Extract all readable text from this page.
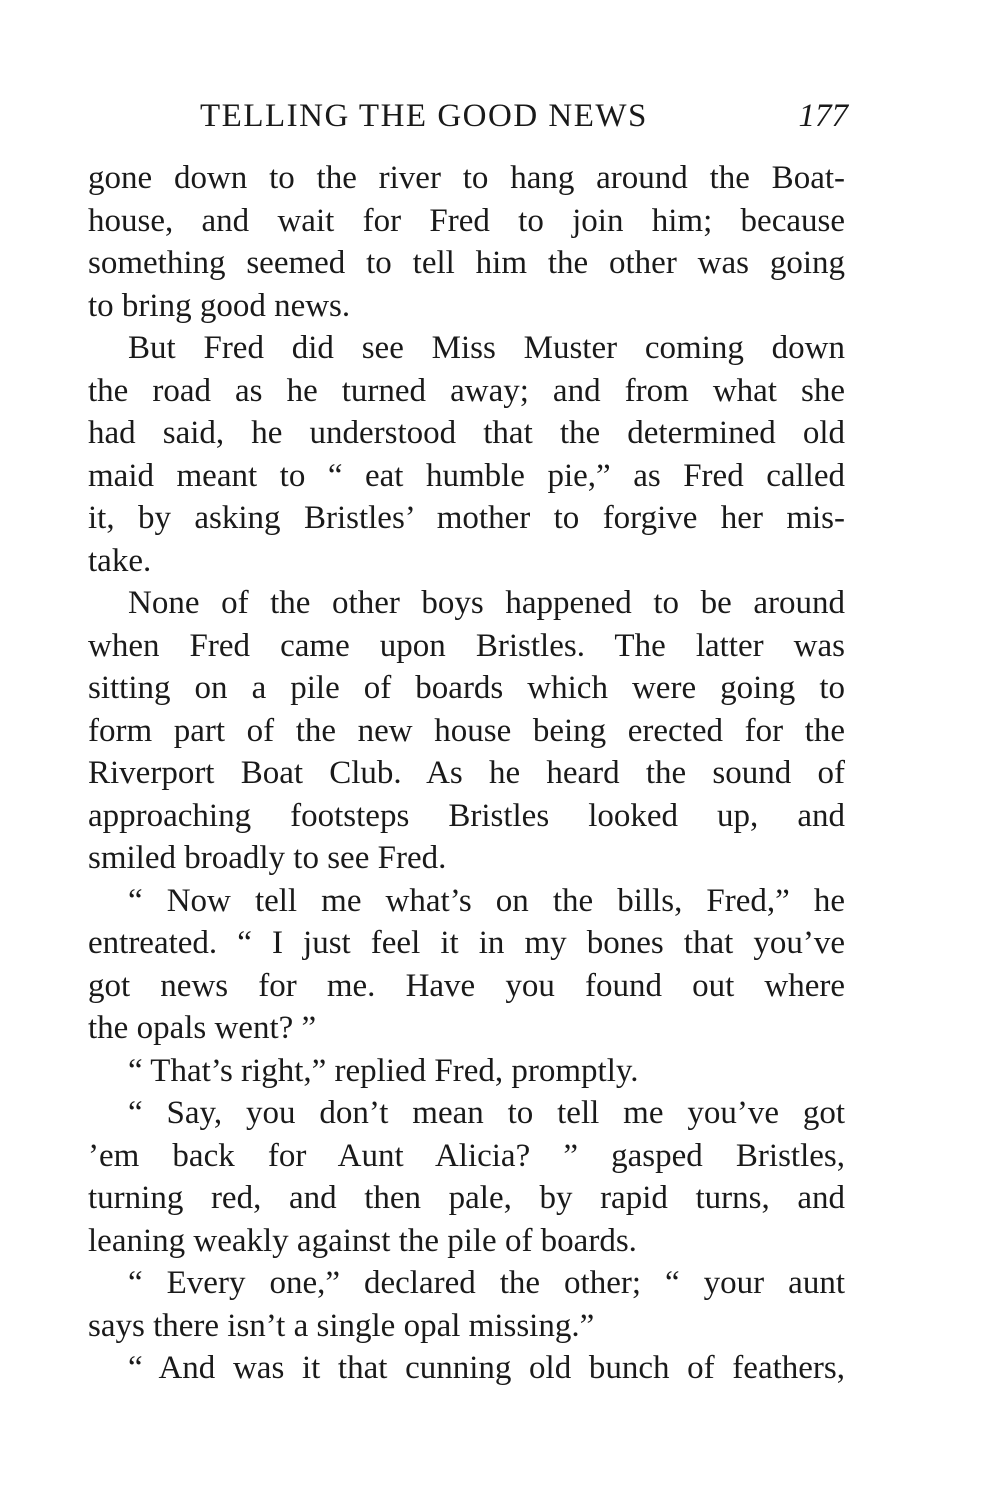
TELLING THE GOOD NEWS	177
gone down to the river to hang around the Boat-
house, and wait for Fred to join him; because
something seemed to tell him the other was going
to bring good news.
But Fred did see Miss Muster coming down
the road as he turned away; and from what she
had said, he understood that the determined old
maid meant to “ eat humble pie,” as Fred called
it, by asking Bristles’ mother to forgive her mis-
take.
None of the other boys happened to be around
when Fred came upon Bristles. The latter was
sitting on a pile of boards which were going to
form part of the new house being erected for the
Riverport Boat Club. As he heard the sound of
approaching footsteps Bristles looked up, and
smiled broadly to see Fred.
“ Now tell me what’s on the bills, Fred,” he
entreated. “ I just feel it in my bones that you’ve
got news for me. Have you found out where
the opals went? ”
“ That’s right,” replied Fred, promptly.
“ Say, you don’t mean to tell me you’ve got
’em back for Aunt Alicia? ” gasped Bristles,
turning red, and then pale, by rapid turns, and
leaning weakly against the pile of boards.
“ Every one,” declared the other; “ your aunt
says there isn’t a single opal missing.”
“ And was it that cunning old bunch of feathers,
